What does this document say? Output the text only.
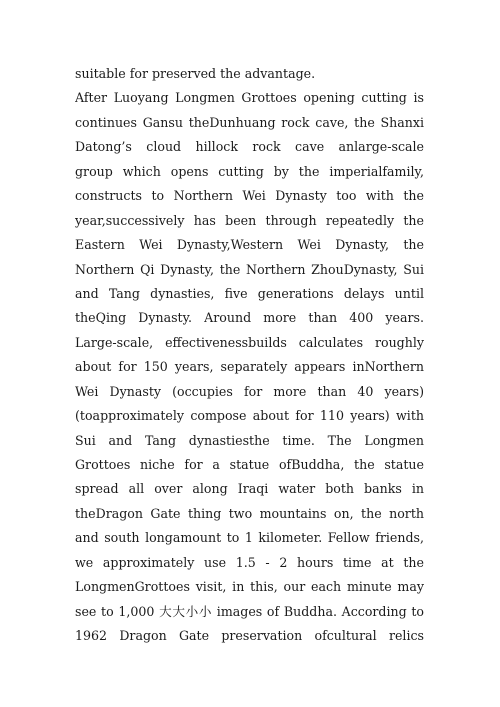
suitable for preserved the advantage.
After Luoyang Longmen Grottoes opening cutting is
continues Gansu theDunhuang rock cave, the Shanxi
Datong’s cloud hillock rock cave anlarge-scale
group which opens cutting by the imperialfamily,
constructs to Northern Wei Dynasty too with the
year,successively has been through repeatedly the
Eastern Wei Dynasty,Western Wei Dynasty, the
Northern Qi Dynasty, the Northern ZhouDynasty, Sui
and Tang dynasties, five generations delays until
theQing Dynasty. Around more than 400 years.
Large-scale, effectivenessbuilds calculates roughly
about for 150 years, separately appears inNorthern
Wei Dynasty (occupies for more than 40 years)
(toapproximately compose about for 110 years) with
Sui and Tang dynastiesthe time. The Longmen
Grottoes niche for a statue ofBuddha, the statue
spread all over along Iraqi water both banks in
theDragon Gate thing two mountains on, the north
and south longamount to 1 kilometer. Fellow friends,
we approximately use 1.5 - 2 hours time at the
LongmenGrottoes visit, in this, our each minute may
see to 1,000 大大小小 images of Buddha. According to
1962 Dragon Gate preservation ofcultural relics
